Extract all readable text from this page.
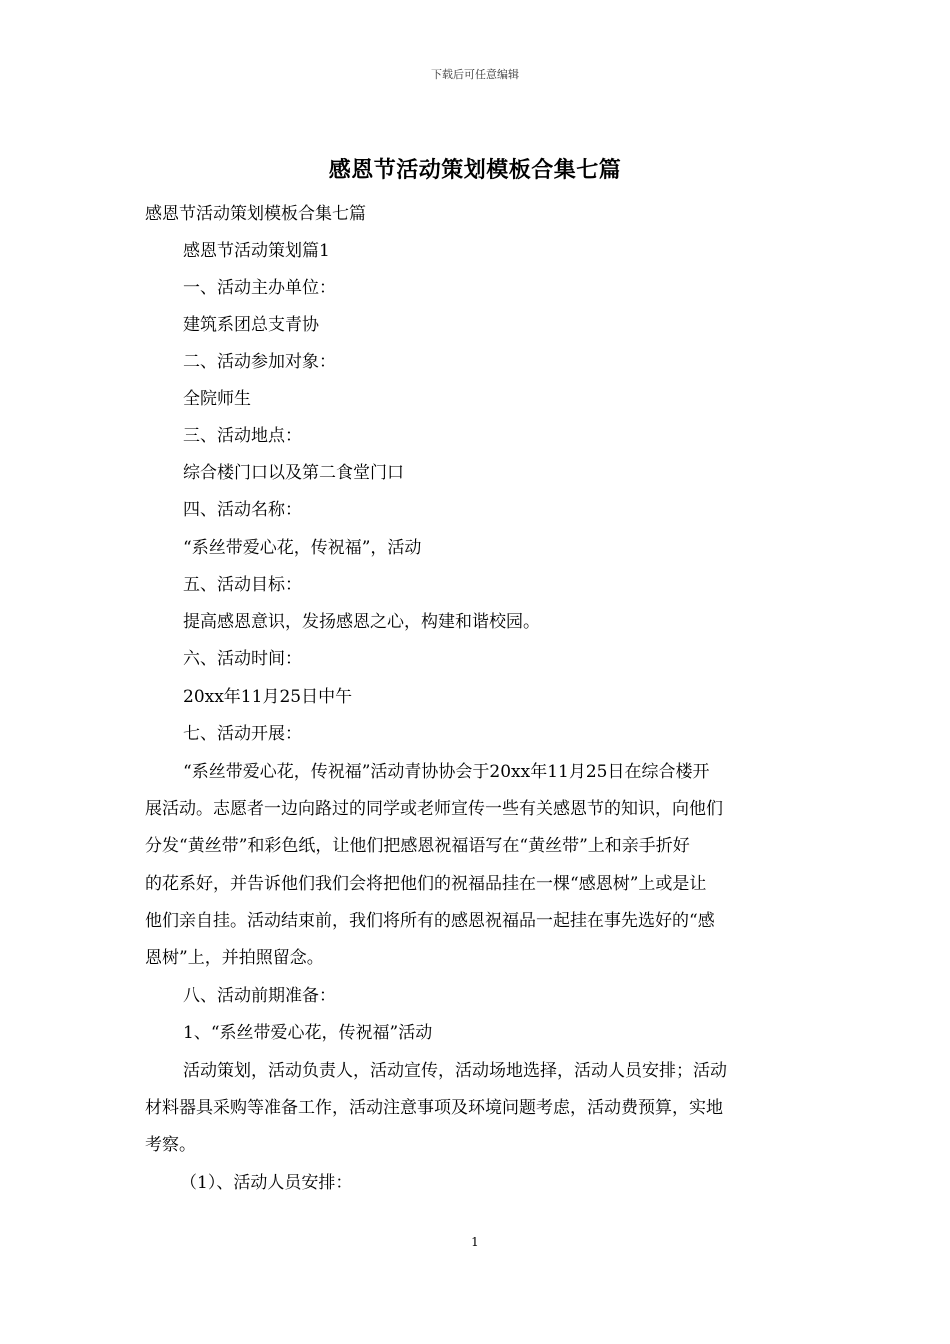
下载后可任意编辑
感恩节活动策划模板合集七篇
感恩节活动策划模板合集七篇
感恩节活动策划篇1
一、活动主办单位：
建筑系团总支青协
二、活动参加对象：
全院师生
三、活动地点：
综合楼门口以及第二食堂门口
四、活动名称：
“系丝带爱心花，传祝福”，活动
五、活动目标：
提高感恩意识，发扬感恩之心，构建和谐校园。
六、活动时间：
20xx年11月25日中午
七、活动开展：
“系丝带爱心花，传祝福”活动青协协会于20xx年11月25日在综合楼开
展活动。志愿者一边向路过的同学或老师宣传一些有关感恩节的知识，向他们
分发“黄丝带”和彩色纸，让他们把感恩祝福语写在“黄丝带”上和亲手折好
的花系好，并告诉他们我们会将把他们的祝福品挂在一棵“感恩树”上或是让
他们亲自挂。活动结束前，我们将所有的感恩祝福品一起挂在事先选好的“感
恩树”上，并拍照留念。
八、活动前期准备：
1、“系丝带爱心花，传祝福”活动
活动策划，活动负责人，活动宣传，活动场地选择，活动人员安排；活动
材料器具采购等准备工作，活动注意事项及环境问题考虑，活动费预算，实地
考察。
（1）、活动人员安排：
1
